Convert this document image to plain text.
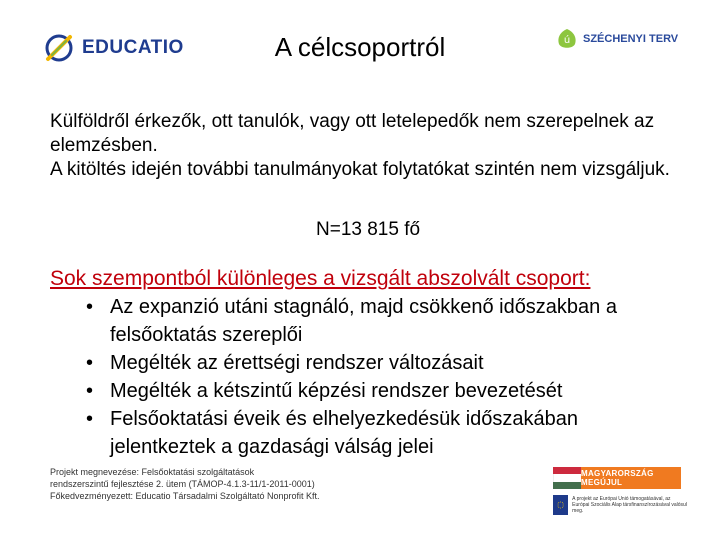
EDUCATIO	A célcsoportról	ú SZÉCHENYI TERV

Külföldről érkezők, ott tanulók, vagy ott letelepedők nem szerepelnek az elemzésben.

A kitöltés idején további tanulmányokat folytatókat szintén nem vizsgáljuk.

N=13 815 fő
Sok szempontból különleges a vizsgált abszolvált csoport:
• Az expanzió utáni stagnáló, majd csökkenő időszakban a felsőoktatás szereplői
• Megélték az érettségi rendszer változásait
• Megélték a kétszintű képzési rendszer bevezetését
• Felsőoktatási éveik és elhelyezkedésük időszakában jelentkeztek a gazdasági válság jelei
Projekt megnevezése: Felsőoktatási szolgáltatások
rendszerszintű fejlesztése 2. ütem (TÁMOP-4.1.3-11/1-2011-0001)
Főkedvezményezett: Educatio Társadalmi Szolgáltató Nonprofit Kft.
MAGYARORSZÁG MEGÚJUL
A projekt az Európai Unió támogatásával, az Európai Szociális Alap társfinanszírozásával valósul meg.
